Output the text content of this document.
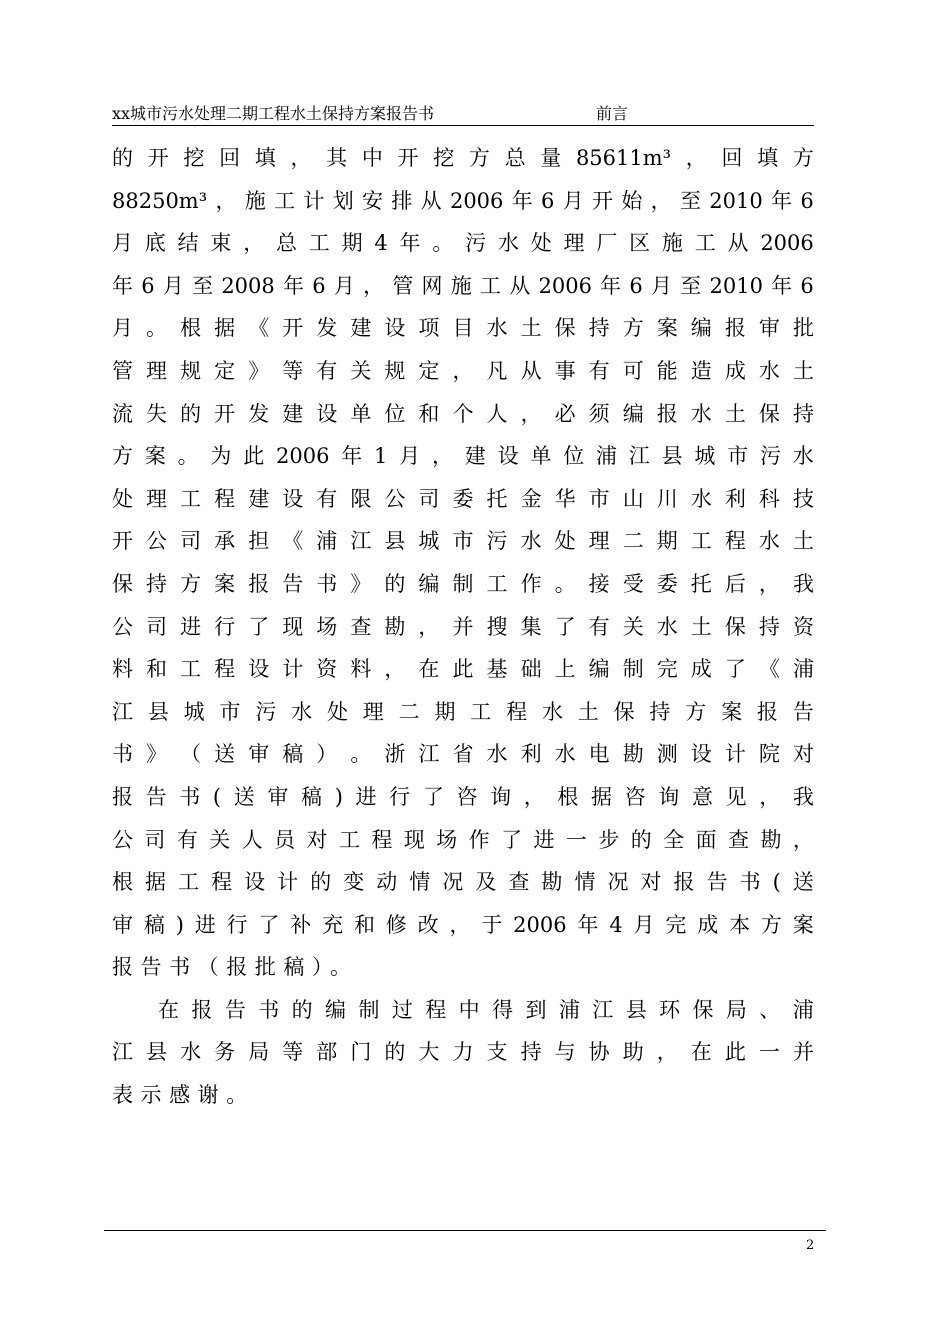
xx城市污水处理二期工程水土保持方案报告书	前言
的 开 挖 回 填 ， 其 中 开 挖 方 总 量 85611m³ ， 回 填 方
88250m³ ， 施 工 计 划 安 排 从 2006 年 6 月 开 始 ， 至 2010 年 6
月 底 结 束 ， 总 工 期 4 年 。 污 水 处 理 厂 区 施 工 从 2006
年 6 月 至 2008 年 6 月 ， 管 网 施 工 从 2006 年 6 月 至 2010 年 6
月 。 根 据 《 开 发 建 设 项 目 水 土 保 持 方 案 编 报 审 批
管 理 规 定 》 等 有 关 规 定 ， 凡 从 事 有 可 能 造 成 水 土
流 失 的 开 发 建 设 单 位 和 个 人 ， 必 须 编 报 水 土 保 持
方 案 。 为 此 2006 年 1 月 ， 建 设 单 位 浦 江 县 城 市 污 水
处 理 工 程 建 设 有 限 公 司 委 托 金 华 市 山 川 水 利 科 技
开 公 司 承 担 《 浦 江 县 城 市 污 水 处 理 二 期 工 程 水 土
保 持 方 案 报 告 书 》 的 编 制 工 作 。 接 受 委 托 后 ， 我
公 司 进 行 了 现 场 查 勘 ， 并 搜 集 了 有 关 水 土 保 持 资
料 和 工 程 设 计 资 料 ， 在 此 基 础 上 编 制 完 成 了 《 浦
江 县 城 市 污 水 处 理 二 期 工 程 水 土 保 持 方 案 报 告
书 》 （ 送 审 稿 ） 。 浙 江 省 水 利 水 电 勘 测 设 计 院 对
报 告 书 ( 送 审 稿 ) 进 行 了 咨 询 ， 根 据 咨 询 意 见 ， 我
公 司 有 关 人 员 对 工 程 现 场 作 了 进 一 步 的 全 面 查 勘 ，
根 据 工 程 设 计 的 变 动 情 况 及 查 勘 情 况 对 报 告 书 ( 送
审 稿 ) 进 行 了 补 充 和 修 改 ， 于 2006 年 4 月 完 成 本 方 案
报告书（报批稿）。
在 报 告 书 的 编 制 过 程 中 得 到 浦 江 县 环 保 局 、 浦
江 县 水 务 局 等 部 门 的 大 力 支 持 与 协 助 ， 在 此 一 并
表示感谢。
2
